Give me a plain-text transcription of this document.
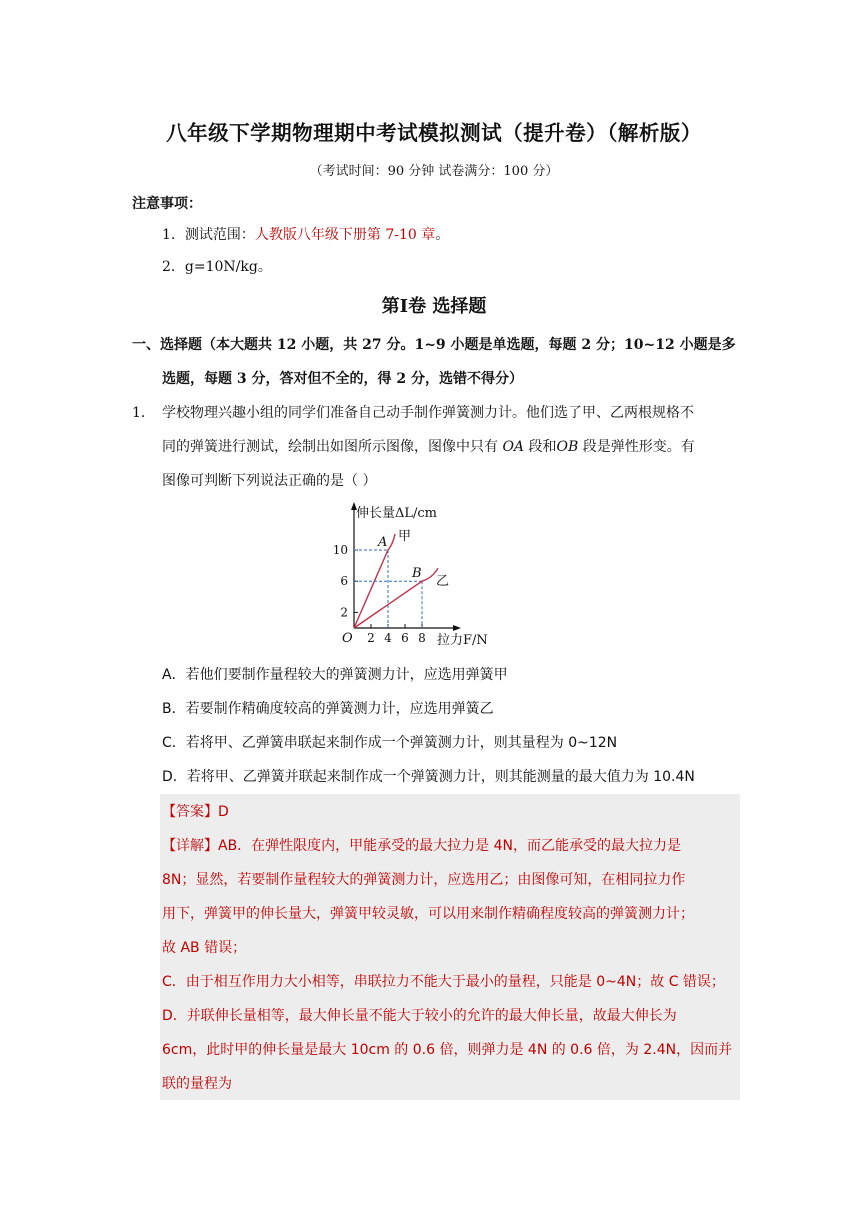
八年级下学期物理期中考试模拟测试（提升卷）（解析版）
（考试时间：90 分钟 试卷满分：100 分）
注意事项：
1．测试范围：人教版八年级下册第 7-10 章。
2．g=10N/kg。
第Ⅰ卷 选择题
一、选择题（本大题共 12 小题，共 27 分。1~9 小题是单选题，每题 2 分；10~12 小题是多
选题，每题 3 分，答对但不全的，得 2 分，选错不得分）
1． 学校物理兴趣小组的同学们准备自己动手制作弹簧测力计。他们选了甲、乙两根规格不
同的弹簧进行测试，绘制出如图所示图像，图像中只有 OA 段和OB 段是弹性形变。有
图像可判断下列说法正确的是（ ）
伸长量ΔL/cm
拉力F/N
O 2 4 6 8
2
6
10 A 甲
B
乙
A．若他们要制作量程较大的弹簧测力计，应选用弹簧甲
B．若要制作精确度较高的弹簧测力计，应选用弹簧乙
C．若将甲、乙弹簧串联起来制作成一个弹簧测力计，则其量程为 0~12N
D．若将甲、乙弹簧并联起来制作成一个弹簧测力计，则其能测量的最大值力为 10.4N
【答案】D
【详解】AB．在弹性限度内，甲能承受的最大拉力是 4N，而乙能承受的最大拉力是
8N；显然，若要制作量程较大的弹簧测力计，应选用乙；由图像可知，在相同拉力作
用下，弹簧甲的伸长量大，弹簧甲较灵敏，可以用来制作精确程度较高的弹簧测力计；
故 AB 错误；
C．由于相互作用力大小相等，串联拉力不能大于最小的量程，只能是 0~4N；故 C 错误；
D．并联伸长量相等，最大伸长量不能大于较小的允许的最大伸长量，故最大伸长为
6cm，此时甲的伸长量是最大 10cm 的 0.6 倍，则弹力是 4N 的 0.6 倍，为 2.4N，因而并
联的量程为
